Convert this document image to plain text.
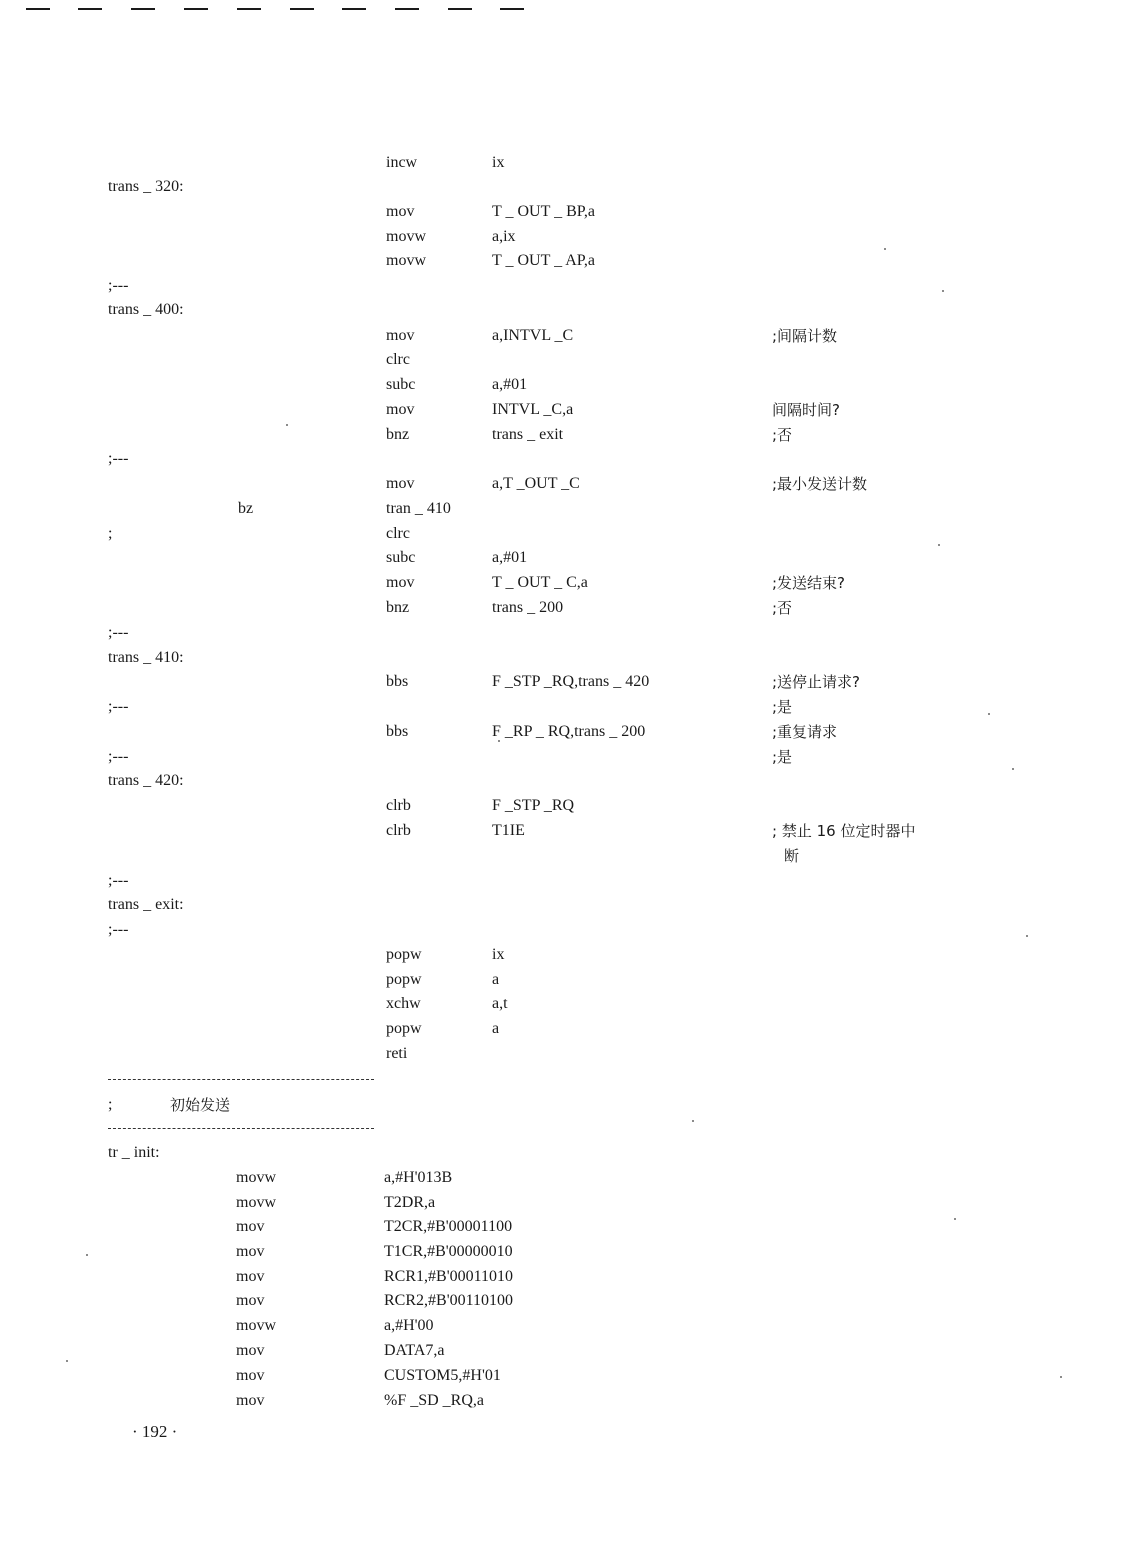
incw	ix
trans _ 320:
mov	T _ OUT _ BP,a
movw	a,ix
movw	T _ OUT _ AP,a
;---
trans _ 400:
mov	a,INTVL _C	;间隔计数
clrc
subc	a,#01
mov	INTVL _C,a	间隔时间?
bnz	trans _ exit	;否
;---
mov	a,T _OUT _C	;最小发送计数
bz	tran _ 410
;	clrc
subc	a,#01
mov	T _ OUT _ C,a	;发送结束?
bnz	trans _ 200	;否
;---
trans _ 410:
bbs	F _STP _RQ,trans _ 420	;送停止请求?
;---	;是
bbs	F _RP _ RQ,trans _ 200	;重复请求
;---	;是
trans _ 420:
clrb	F _STP _RQ
clrb	T1IE	; 禁止 16 位定时器中
断
;---
trans _ exit:
;---
popw	ix
popw	a
xchw	a,t
popw	a
reti
;	初始发送
tr _ init:
movw	a,#H'013B
movw	T2DR,a
mov	T2CR,#B'00001100
mov	T1CR,#B'00000010
mov	RCR1,#B'00011010
mov	RCR2,#B'00110100
movw	a,#H'00
mov	DATA7,a
mov	CUSTOM5,#H'01
mov	%F _SD _RQ,a
· 192 ·
